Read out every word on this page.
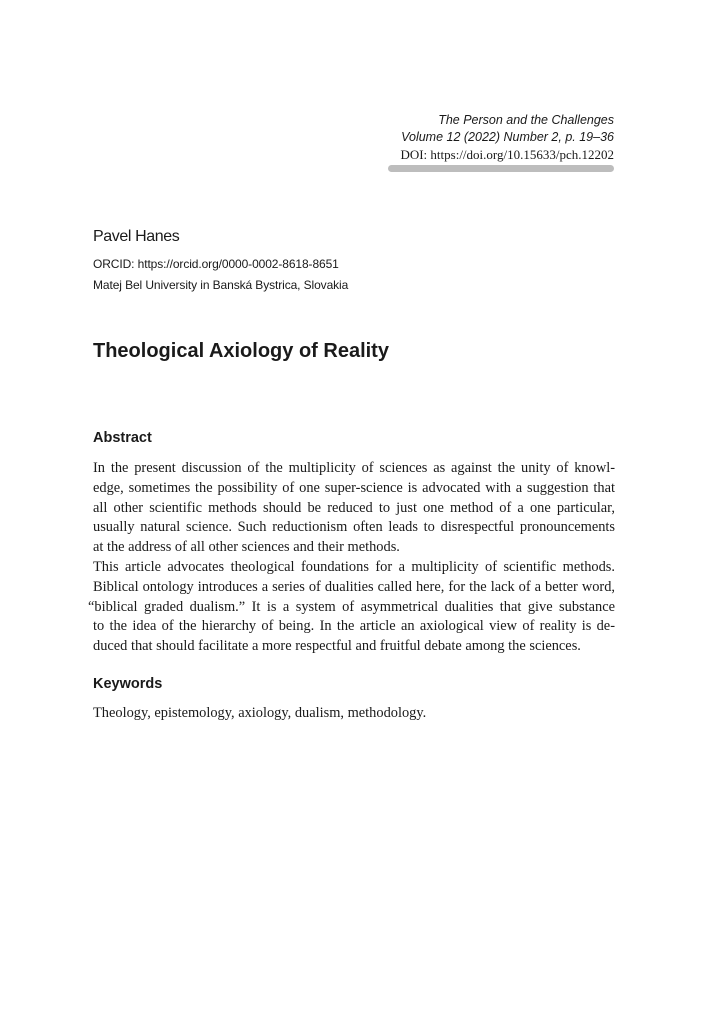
The Person and the Challenges
Volume 12 (2022) Number 2, p. 19–36
DOI: https://doi.org/10.15633/pch.12202
Pavel Hanes
ORCID: https://orcid.org/0000-0002-8618-8651
Matej Bel University in Banská Bystrica, Slovakia
Theological Axiology of Reality
Abstract
In the present discussion of the multiplicity of sciences as against the unity of knowl-
edge, sometimes the possibility of one super-science is advocated with a suggestion that
all other scientific methods should be reduced to just one method of a one particular,
usually natural science. Such reductionism often leads to disrespectful pronouncements
at the address of all other sciences and their methods.
This article advocates theological foundations for a multiplicity of scientific methods.
Biblical ontology introduces a series of dualities called here, for the lack of a better word,
“biblical graded dualism.” It is a system of asymmetrical dualities that give substance
to the idea of the hierarchy of being. In the article an axiological view of reality is de-
duced that should facilitate a more respectful and fruitful debate among the sciences.
Keywords
Theology, epistemology, axiology, dualism, methodology.
